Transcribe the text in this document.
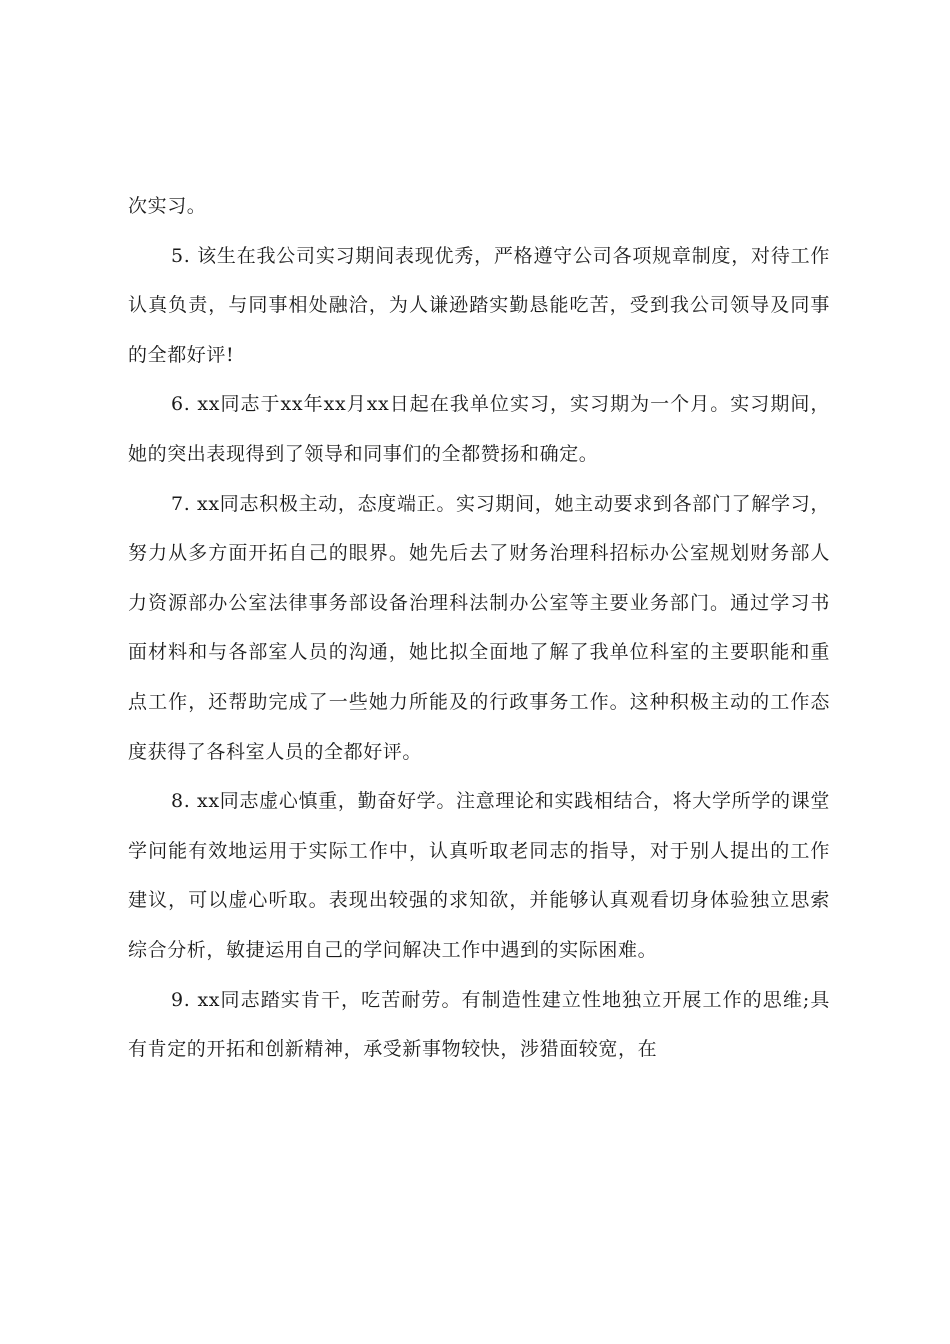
次实习。

5. 该生在我公司实习期间表现优秀，严格遵守公司各项规章制度，对待工作认真负责，与同事相处融洽，为人谦逊踏实勤恳能吃苦，受到我公司领导及同事的全都好评!

6. xx同志于xx年xx月xx日起在我单位实习，实习期为一个月。实习期间，她的突出表现得到了领导和同事们的全都赞扬和确定。

7. xx同志积极主动，态度端正。实习期间，她主动要求到各部门了解学习，努力从多方面开拓自己的眼界。她先后去了财务治理科招标办公室规划财务部人力资源部办公室法律事务部设备治理科法制办公室等主要业务部门。通过学习书面材料和与各部室人员的沟通，她比拟全面地了解了我单位科室的主要职能和重点工作，还帮助完成了一些她力所能及的行政事务工作。这种积极主动的工作态度获得了各科室人员的全都好评。

8. xx同志虚心慎重，勤奋好学。注意理论和实践相结合，将大学所学的课堂学问能有效地运用于实际工作中，认真听取老同志的指导，对于别人提出的工作建议，可以虚心听取。表现出较强的求知欲，并能够认真观看切身体验独立思索综合分析，敏捷运用自己的学问解决工作中遇到的实际困难。

9. xx同志踏实肯干，吃苦耐劳。有制造性建立性地独立开展工作的思维;具有肯定的开拓和创新精神，承受新事物较快，涉猎面较宽，在
